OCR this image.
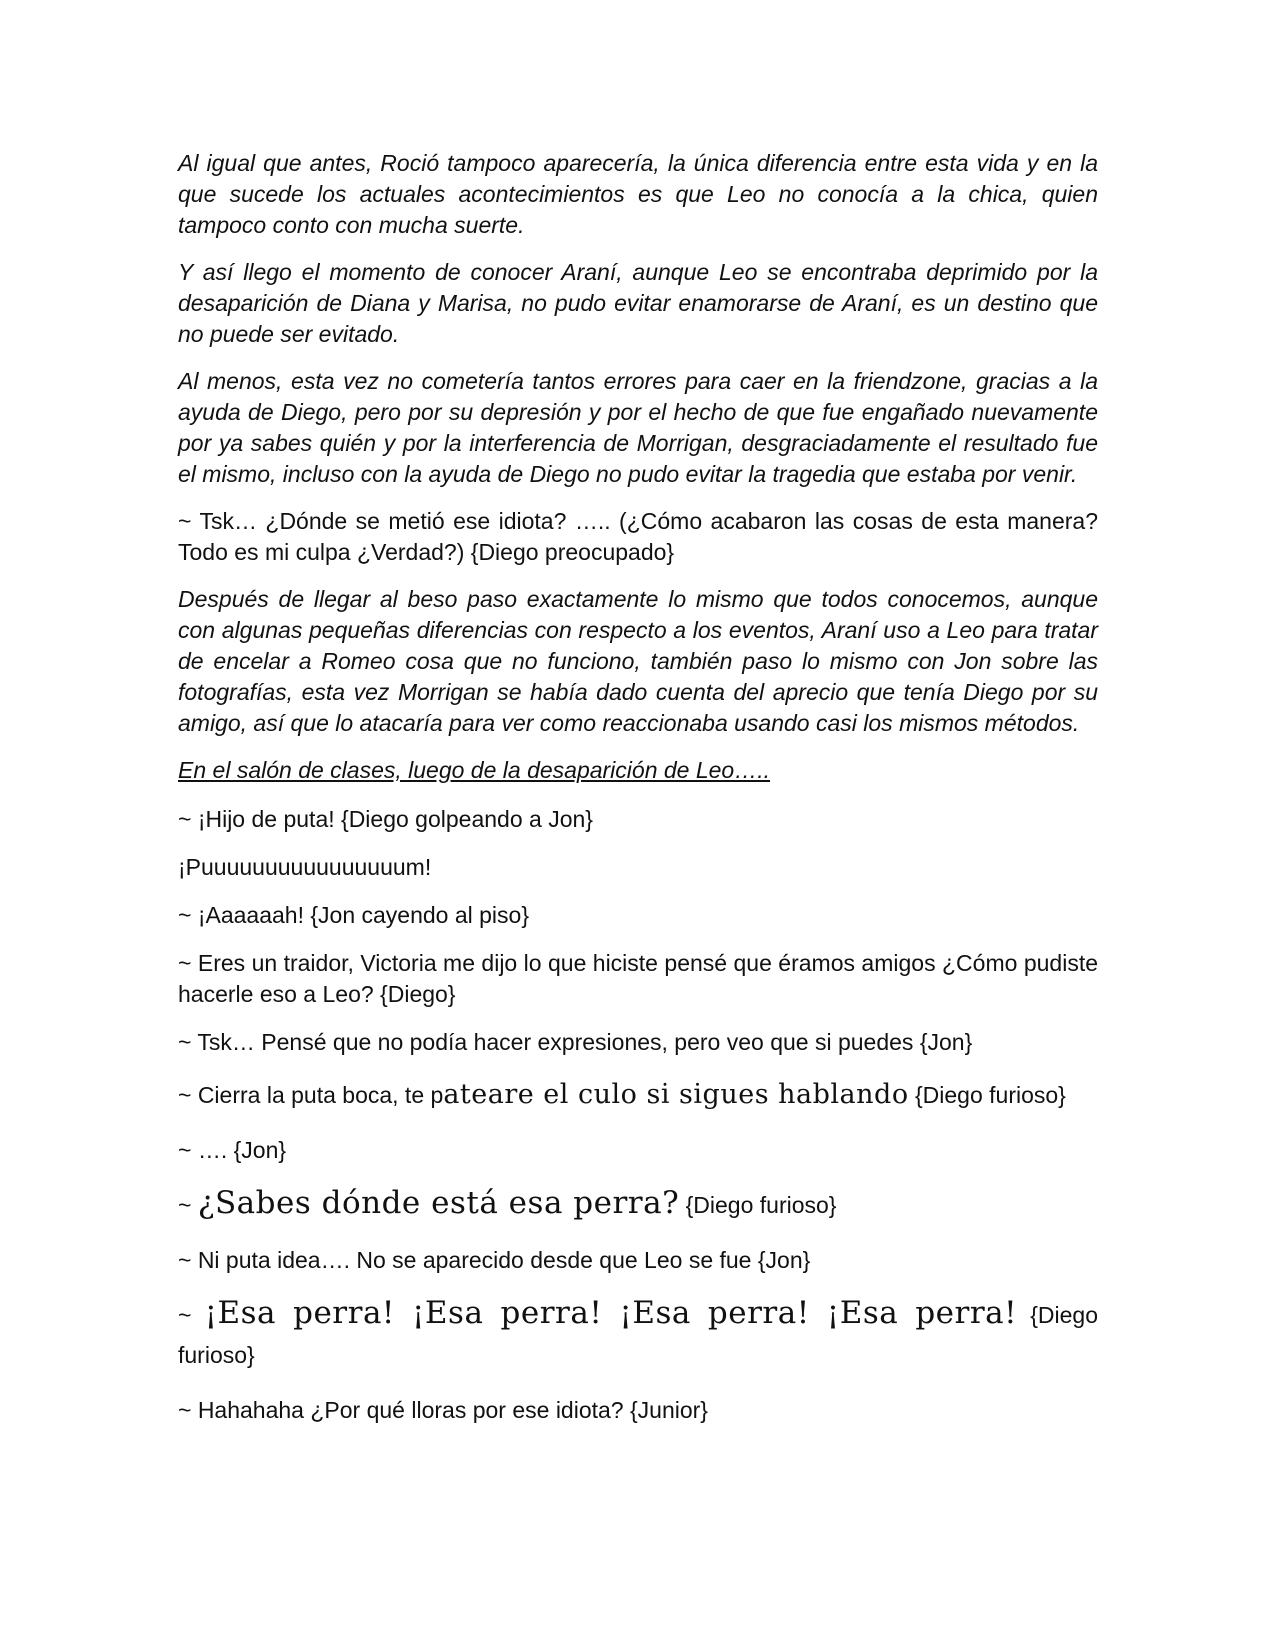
Al igual que antes, Roció tampoco aparecería, la única diferencia entre esta vida y en la que sucede los actuales acontecimientos es que Leo no conocía a la chica, quien tampoco conto con mucha suerte.

Y así llego el momento de conocer Araní, aunque Leo se encontraba deprimido por la desaparición de Diana y Marisa, no pudo evitar enamorarse de Araní, es un destino que no puede ser evitado.

Al menos, esta vez no cometería tantos errores para caer en la friendzone, gracias a la ayuda de Diego, pero por su depresión y por el hecho de que fue engañado nuevamente por ya sabes quién y por la interferencia de Morrigan, desgraciadamente el resultado fue el mismo, incluso con la ayuda de Diego no pudo evitar la tragedia que estaba por venir.

~ Tsk… ¿Dónde se metió ese idiota? ….. (¿Cómo acabaron las cosas de esta manera? Todo es mi culpa ¿Verdad?) {Diego preocupado}

Después de llegar al beso paso exactamente lo mismo que todos conocemos, aunque con algunas pequeñas diferencias con respecto a los eventos, Araní uso a Leo para tratar de encelar a Romeo cosa que no funciono, también paso lo mismo con Jon sobre las fotografías, esta vez Morrigan se había dado cuenta del aprecio que tenía Diego por su amigo, así que lo atacaría para ver como reaccionaba usando casi los mismos métodos.

En el salón de clases, luego de la desaparición de Leo…..

~ ¡Hijo de puta! {Diego golpeando a Jon}

¡Puuuuuuuuuuuuuuuum!

~ ¡Aaaaaah! {Jon cayendo al piso}

~ Eres un traidor, Victoria me dijo lo que hiciste pensé que éramos amigos ¿Cómo pudiste hacerle eso a Leo? {Diego}

~ Tsk… Pensé que no podía hacer expresiones, pero veo que si puedes {Jon}

~ Cierra la puta boca, te pateare el culo si sigues hablando {Diego furioso}

~ …. {Jon}

~ ¿Sabes dónde está esa perra? {Diego furioso}

~ Ni puta idea…. No se aparecido desde que Leo se fue {Jon}

~ ¡Esa perra! ¡Esa perra! ¡Esa perra! ¡Esa perra! {Diego furioso}

~ Hahahaha ¿Por qué lloras por ese idiota? {Junior}
